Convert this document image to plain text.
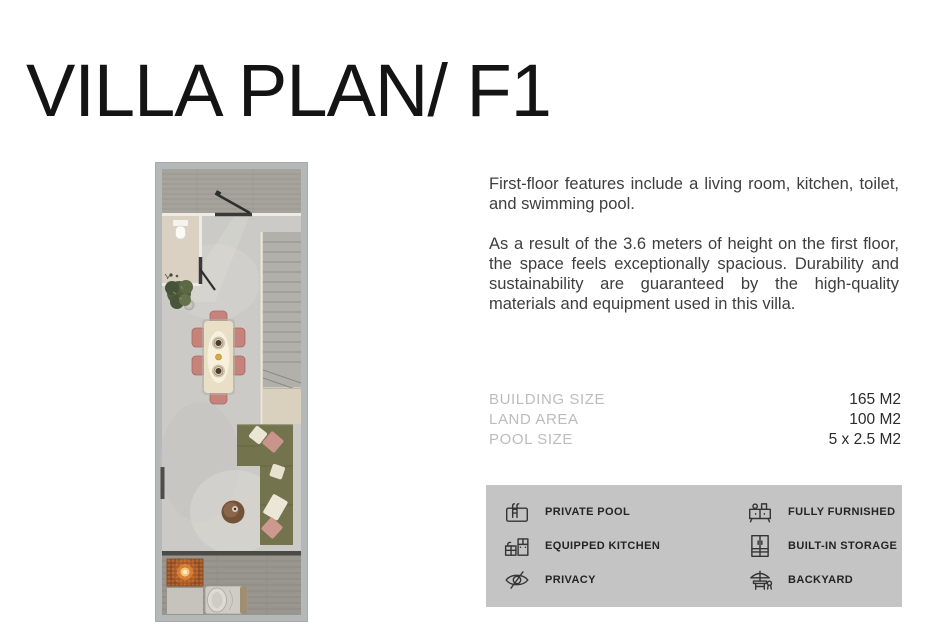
VILLA PLAN/ F1

First-floor features include a living room, kitchen, toilet, and swimming pool.

As a result of the 3.6 meters of height on the first floor, the space feels exceptionally spacious. Durability and sustainability are guaranteed by the high-quality materials and equipment used in this villa.

BUILDING SIZE	165 M2
LAND AREA	100 M2
POOL SIZE	5 x 2.5 M2
PRIVATE POOL	FULLY FURNISHED
EQUIPPED KITCHEN	BUILT-IN STORAGE
PRIVACY	BACKYARD
